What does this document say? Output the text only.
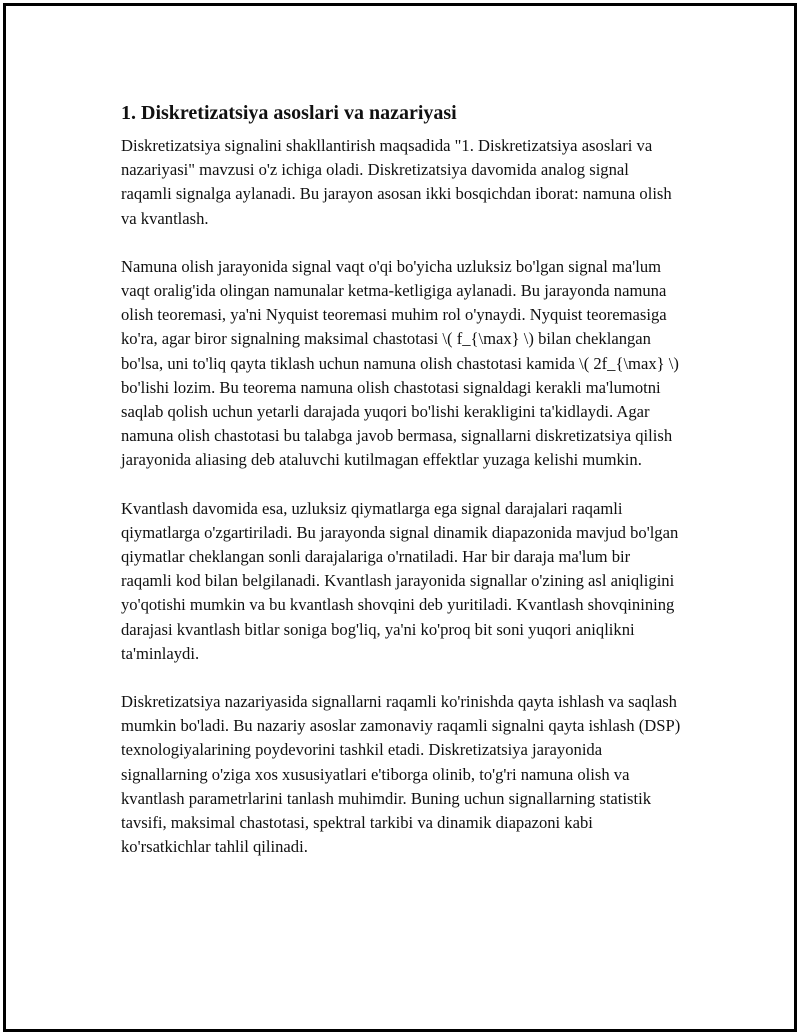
1. Diskretizatsiya asoslari va nazariyasi

Diskretizatsiya signalini shakllantirish maqsadida "1. Diskretizatsiya asoslari va nazariyasi" mavzusi o'z ichiga oladi. Diskretizatsiya davomida analog signal raqamli signalga aylanadi. Bu jarayon asosan ikki bosqichdan iborat: namuna olish va kvantlash.

Namuna olish jarayonida signal vaqt o'qi bo'yicha uzluksiz bo'lgan signal ma'lum vaqt oralig'ida olingan namunalar ketma-ketligiga aylanadi. Bu jarayonda namuna olish teoremasi, ya'ni Nyquist teoremasi muhim rol o'ynaydi. Nyquist teoremasiga ko'ra, agar biror signalning maksimal chastotasi \( f_{\max} \) bilan cheklangan bo'lsa, uni to'liq qayta tiklash uchun namuna olish chastotasi kamida \( 2f_{\max} \) bo'lishi lozim. Bu teorema namuna olish chastotasi signaldagi kerakli ma'lumotni saqlab qolish uchun yetarli darajada yuqori bo'lishi kerakligini ta'kidlaydi. Agar namuna olish chastotasi bu talabga javob bermasa, signallarni diskretizatsiya qilish jarayonida aliasing deb ataluvchi kutilmagan effektlar yuzaga kelishi mumkin.

Kvantlash davomida esa, uzluksiz qiymatlarga ega signal darajalari raqamli qiymatlarga o'zgartiriladi. Bu jarayonda signal dinamik diapazonida mavjud bo'lgan qiymatlar cheklangan sonli darajalariga o'rnatiladi. Har bir daraja ma'lum bir raqamli kod bilan belgilanadi. Kvantlash jarayonida signallar o'zining asl aniqligini yo'qotishi mumkin va bu kvantlash shovqini deb yuritiladi. Kvantlash shovqinining darajasi kvantlash bitlar soniga bog'liq, ya'ni ko'proq bit soni yuqori aniqlikni ta'minlaydi.

Diskretizatsiya nazariyasida signallarni raqamli ko'rinishda qayta ishlash va saqlash mumkin bo'ladi. Bu nazariy asoslar zamonaviy raqamli signalni qayta ishlash (DSP) texnologiyalarining poydevorini tashkil etadi. Diskretizatsiya jarayonida signallarning o'ziga xos xususiyatlari e'tiborga olinib, to'g'ri namuna olish va kvantlash parametrlarini tanlash muhimdir. Buning uchun signallarning statistik tavsifi, maksimal chastotasi, spektral tarkibi va dinamik diapazoni kabi ko'rsatkichlar tahlil qilinadi.
